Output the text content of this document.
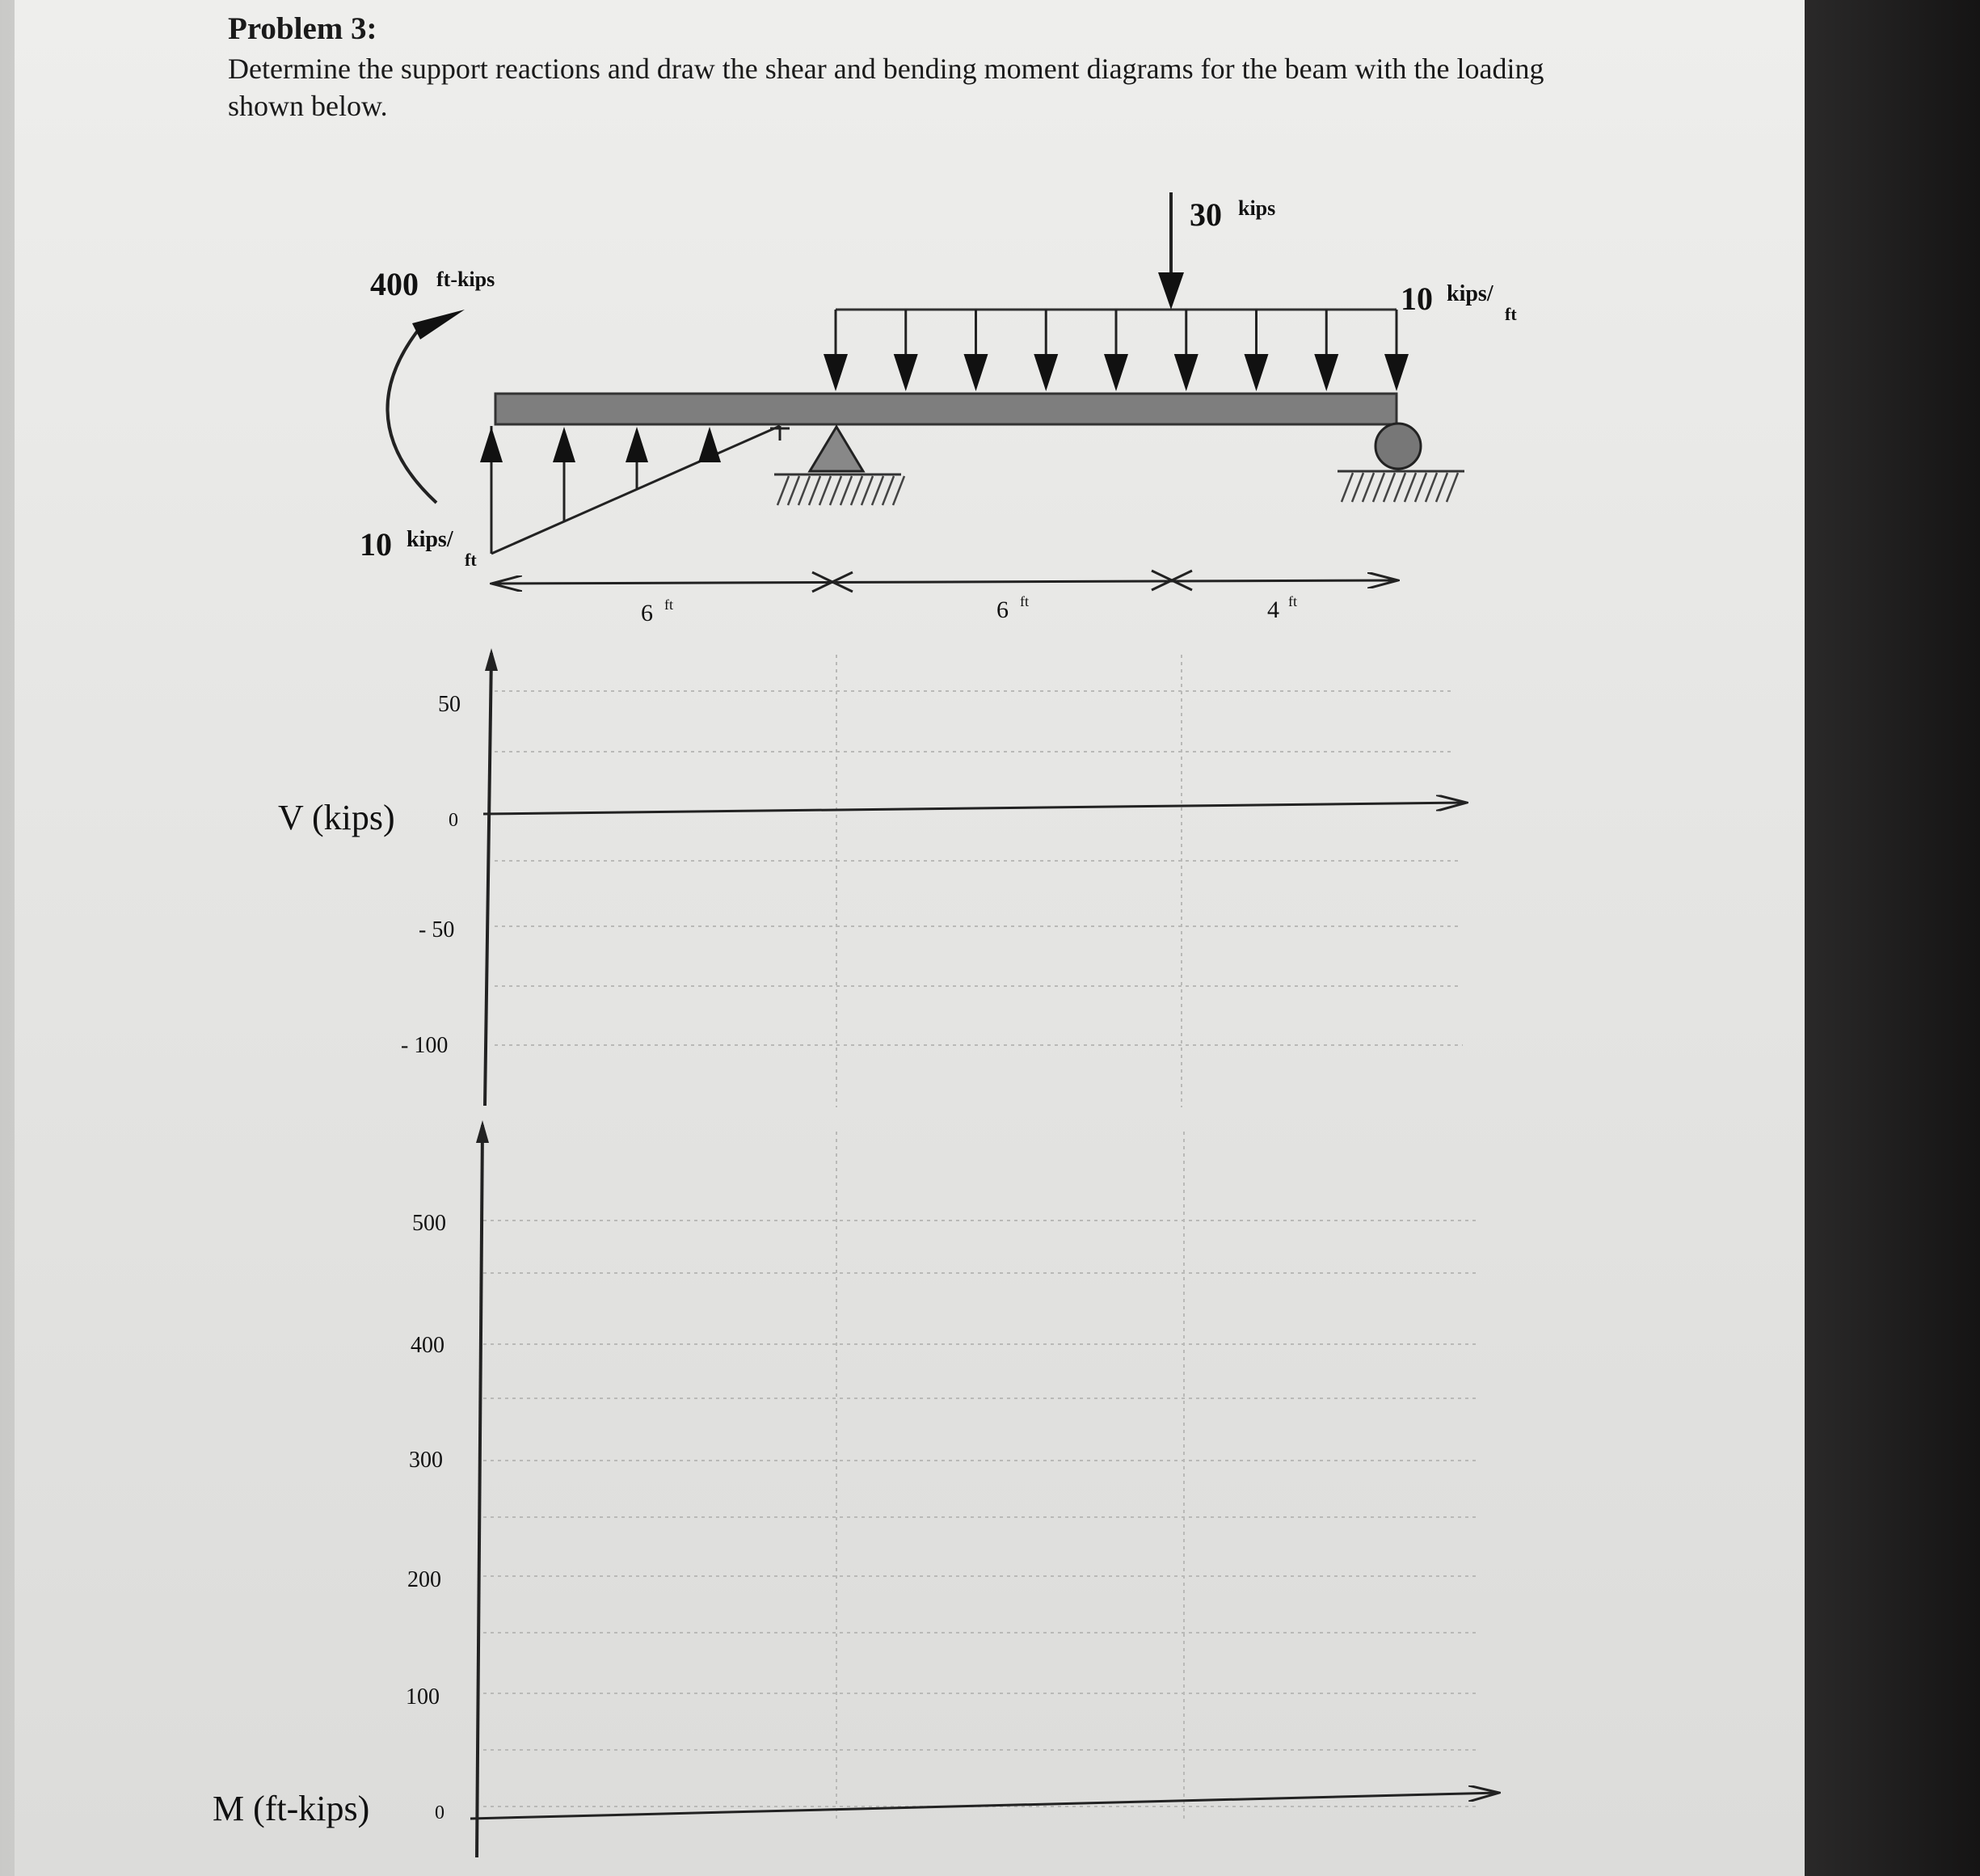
Problem 3:

Determine the support reactions and draw the shear and bending moment diagrams for the beam with the loading shown below.

400 ft-kips
10 kips/
ft
30 kips
10 kips/
ft
6 ft	6 ft	4 ft
V (kips)
50
0
- 50
- 100
M (ft-kips)
500
400
300
200
100
0
